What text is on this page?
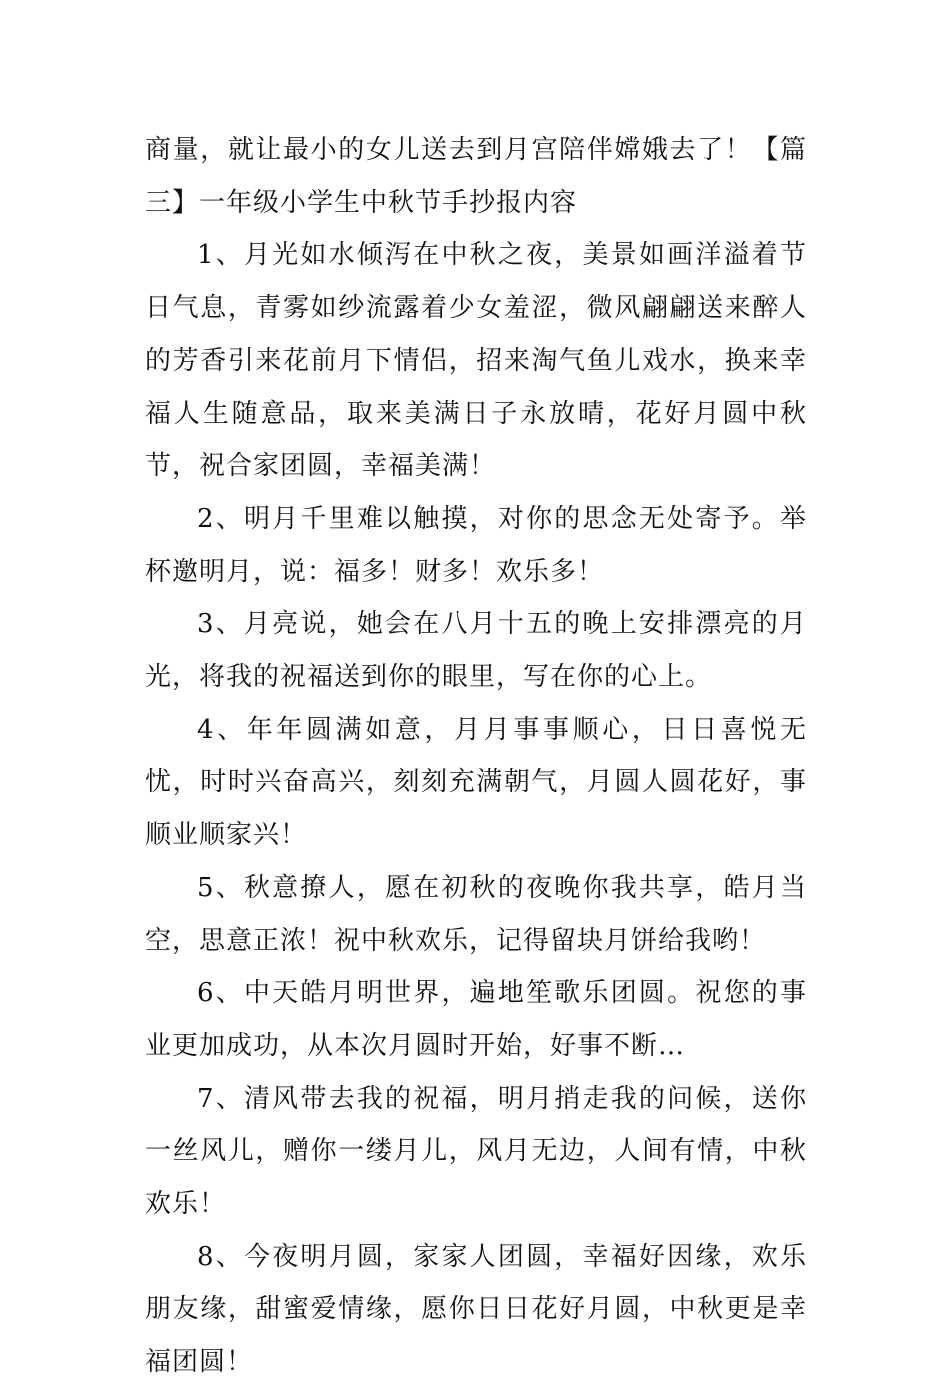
商量，就让最小的女儿送去到月宫陪伴嫦娥去了！【篇三】一年级小学生中秋节手抄报内容

1、月光如水倾泻在中秋之夜，美景如画洋溢着节日气息，青雾如纱流露着少女羞涩，微风翩翩送来醉人的芳香引来花前月下情侣，招来淘气鱼儿戏水，换来幸福人生随意品，取来美满日子永放晴，花好月圆中秋节，祝合家团圆，幸福美满！

2、明月千里难以触摸，对你的思念无处寄予。举杯邀明月，说：福多！财多！欢乐多！

3、月亮说，她会在八月十五的晚上安排漂亮的月光，将我的祝福送到你的眼里，写在你的心上。

4、年年圆满如意，月月事事顺心，日日喜悦无忧，时时兴奋高兴，刻刻充满朝气，月圆人圆花好，事顺业顺家兴！

5、秋意撩人，愿在初秋的夜晚你我共享，皓月当空，思意正浓！祝中秋欢乐，记得留块月饼给我哟！

6、中天皓月明世界，遍地笙歌乐团圆。祝您的事业更加成功，从本次月圆时开始，好事不断…

7、清风带去我的祝福，明月捎走我的问候，送你一丝风儿，赠你一缕月儿，风月无边，人间有情，中秋欢乐！

8、今夜明月圆，家家人团圆，幸福好因缘，欢乐朋友缘，甜蜜爱情缘，愿你日日花好月圆，中秋更是幸福团圆！
